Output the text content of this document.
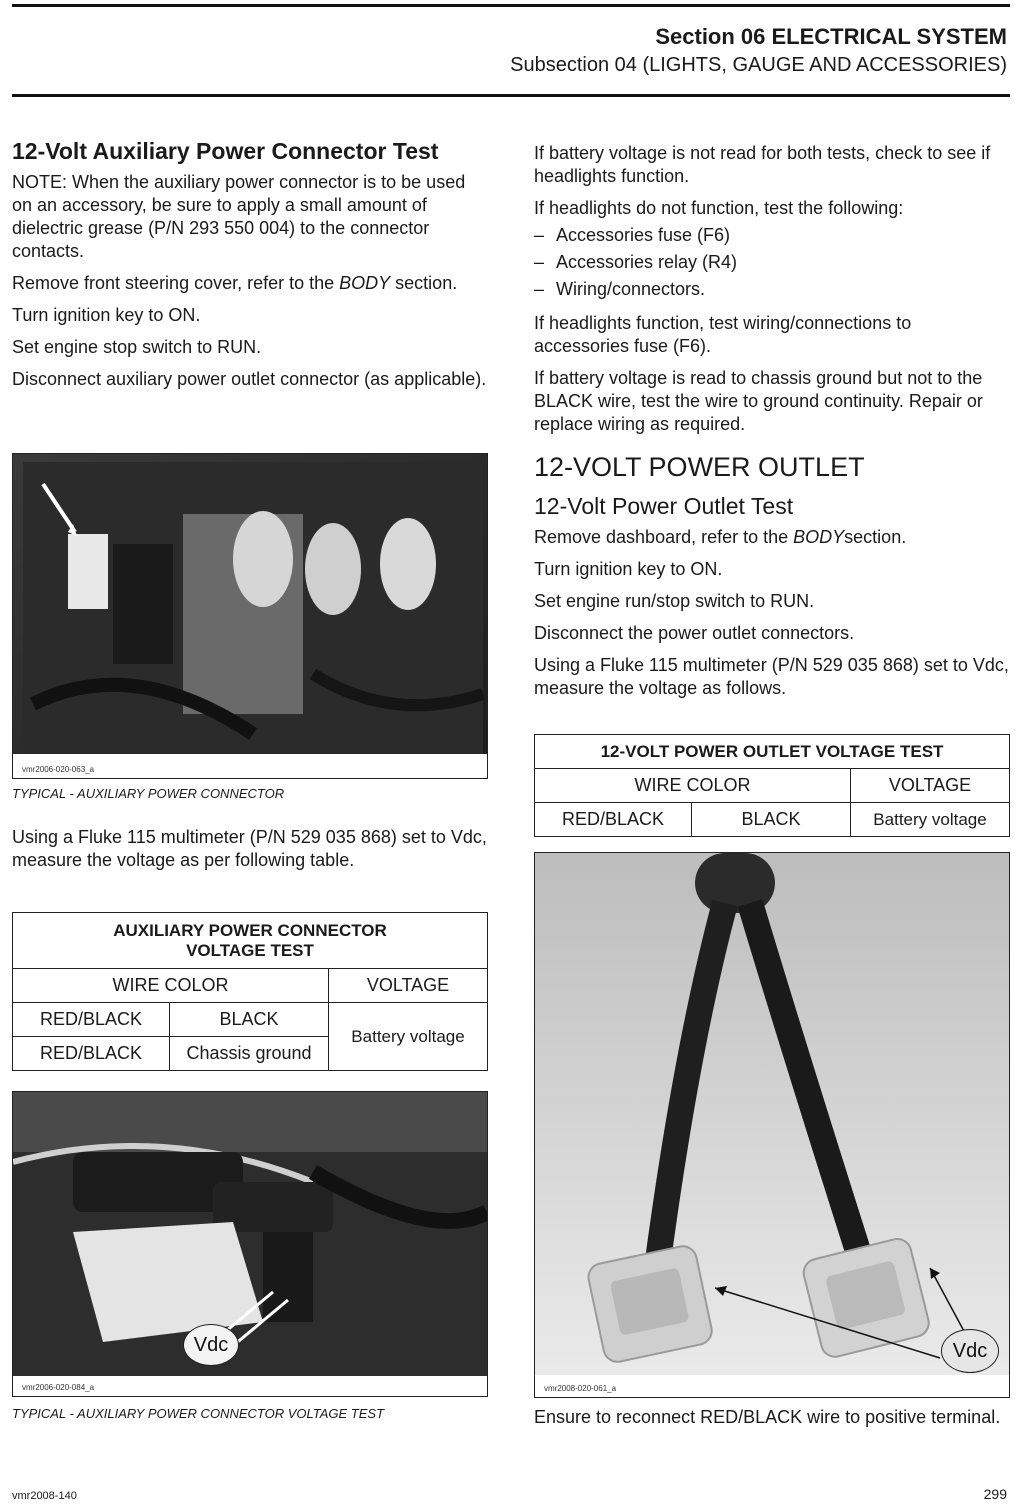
Section 06 ELECTRICAL SYSTEM
Subsection 04 (LIGHTS, GAUGE AND ACCESSORIES)
12-Volt Auxiliary Power Connector Test

NOTE: When the auxiliary power connector is to be used on an accessory, be sure to apply a small amount of dielectric grease (P/N 293 550 004) to the connector contacts.

Remove front steering cover, refer to the BODY section.

Turn ignition key to ON.

Set engine stop switch to RUN.

Disconnect auxiliary power outlet connector (as applicable).

vmr2006-020-063_a
TYPICAL - AUXILIARY POWER CONNECTOR

Using a Fluke 115 multimeter (P/N 529 035 868) set to Vdc, measure the voltage as per following table.

AUXILIARY POWER CONNECTOR
VOLTAGE TEST		
WIRE COLOR		VOLTAGE
RED/BLACK	BLACK	Battery voltage
RED/BLACK	Chassis ground	
Vdc
vmr2006-020-084_a
TYPICAL - AUXILIARY POWER CONNECTOR VOLTAGE TEST

If battery voltage is not read for both tests, check to see if headlights function.

If headlights do not function, test the following:

– Accessories fuse (F6)
– Accessories relay (R4)
– Wiring/connectors.

If headlights function, test wiring/connections to accessories fuse (F6).

If battery voltage is read to chassis ground but not to the BLACK wire, test the wire to ground continuity. Repair or replace wiring as required.

12-VOLT POWER OUTLET
12-Volt Power Outlet Test

Remove dashboard, refer to the BODYsection.

Turn ignition key to ON.

Set engine run/stop switch to RUN.

Disconnect the power outlet connectors.

Using a Fluke 115 multimeter (P/N 529 035 868) set to Vdc, measure the voltage as follows.

12-VOLT POWER OUTLET VOLTAGE TEST		
WIRE COLOR		VOLTAGE
RED/BLACK	BLACK	Battery voltage
Vdc
vmr2008-020-061_a

Ensure to reconnect RED/BLACK wire to positive terminal.

vmr2008-140	299
